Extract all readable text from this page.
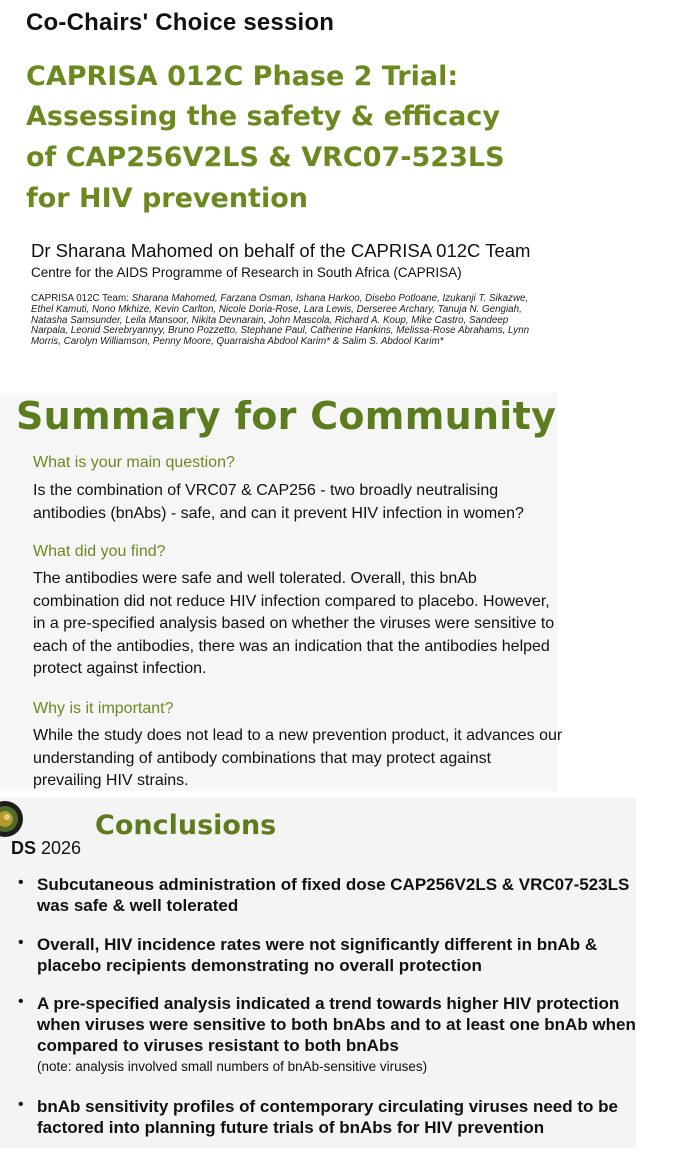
Co-Chairs' Choice session
CAPRISA 012C Phase 2 Trial:
Assessing the safety & efficacy
of CAP256V2LS & VRC07-523LS
for HIV prevention
Dr Sharana Mahomed on behalf of the CAPRISA 012C Team
Centre for the AIDS Programme of Research in South Africa (CAPRISA)
CAPRISA 012C Team: Sharana Mahomed, Farzana Osman, Ishana Harkoo, Disebo Potloane, Izukanji T. Sikazwe, Ethel Kamuti, Nono Mkhize, Kevin Carlton, Nicole Doria-Rose, Lara Lewis, Derseree Archary, Tanuja N. Gengiah, Natasha Samsunder, Leila Mansoor, Nikita Devnarain, John Mascola, Richard A. Koup, Mike Castro, Sandeep Narpala, Leonid Serebryannyy, Bruno Pozzetto, Stephane Paul, Catherine Hankins, Melissa-Rose Abrahams, Lynn Morris, Carolyn Williamson, Penny Moore, Quarraisha Abdool Karim* & Salim S. Abdool Karim*
Summary for Community
What is your main question?
Is the combination of VRC07 & CAP256 - two broadly neutralising antibodies (bnAbs) - safe, and can it prevent HIV infection in women?
What did you find?
The antibodies were safe and well tolerated. Overall, this bnAb combination did not reduce HIV infection compared to placebo. However, in a pre-specified analysis based on whether the viruses were sensitive to each of the antibodies, there was an indication that the antibodies helped protect against infection.
Why is it important?
While the study does not lead to a new prevention product, it advances our understanding of antibody combinations that may protect against prevailing HIV strains.
DS 2026
Conclusions
• Subcutaneous administration of fixed dose CAP256V2LS & VRC07-523LS was safe & well tolerated
• Overall, HIV incidence rates were not significantly different in bnAb & placebo recipients demonstrating no overall protection
• A pre-specified analysis indicated a trend towards higher HIV protection when viruses were sensitive to both bnAbs and to at least one bnAb when compared to viruses resistant to both bnAbs
(note: analysis involved small numbers of bnAb-sensitive viruses)
• bnAb sensitivity profiles of contemporary circulating viruses need to be factored into planning future trials of bnAbs for HIV prevention
